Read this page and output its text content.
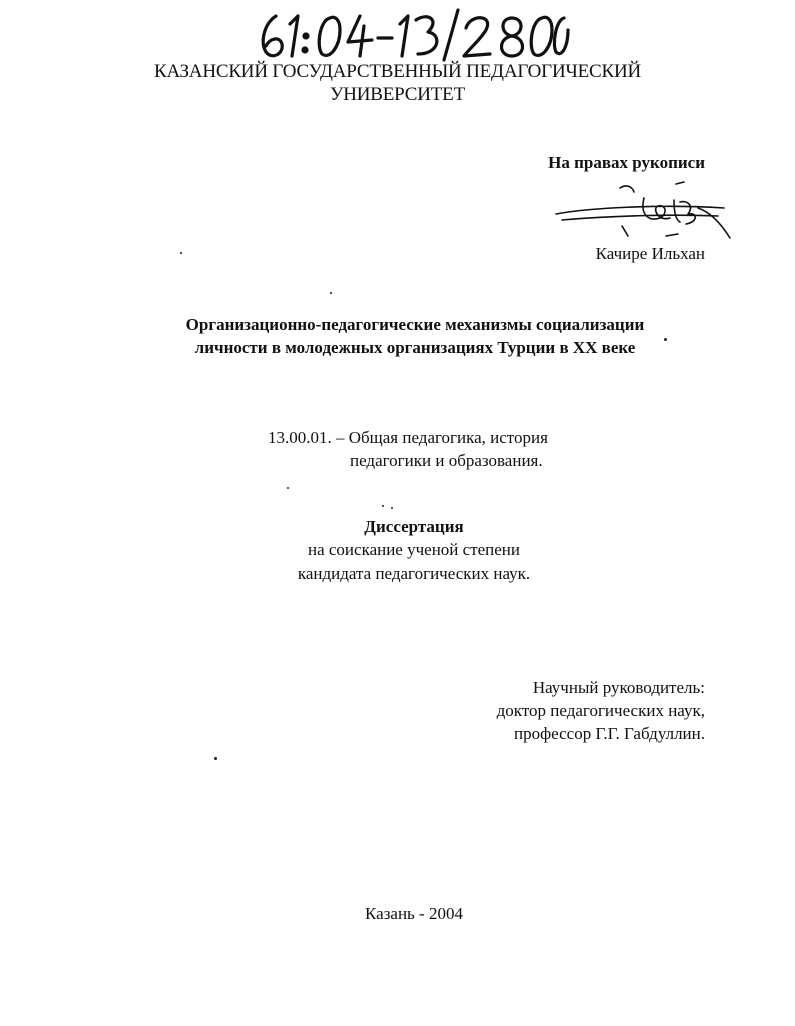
КАЗАНСКИЙ ГОСУДАРСТВЕННЫЙ ПЕДАГОГИЧЕСКИЙ
УНИВЕРСИТЕТ
На правах рукописи
Качире Ильхан
Организационно-педагогические механизмы социализации
личности в молодежных организациях Турции в XX веке
13.00.01. – Общая педагогика, история
педагогики и образования.
Диссертация
на соискание ученой степени
кандидата педагогических наук.
Научный руководитель:
доктор педагогических наук,
профессор Г.Г. Габдуллин.
Казань - 2004
